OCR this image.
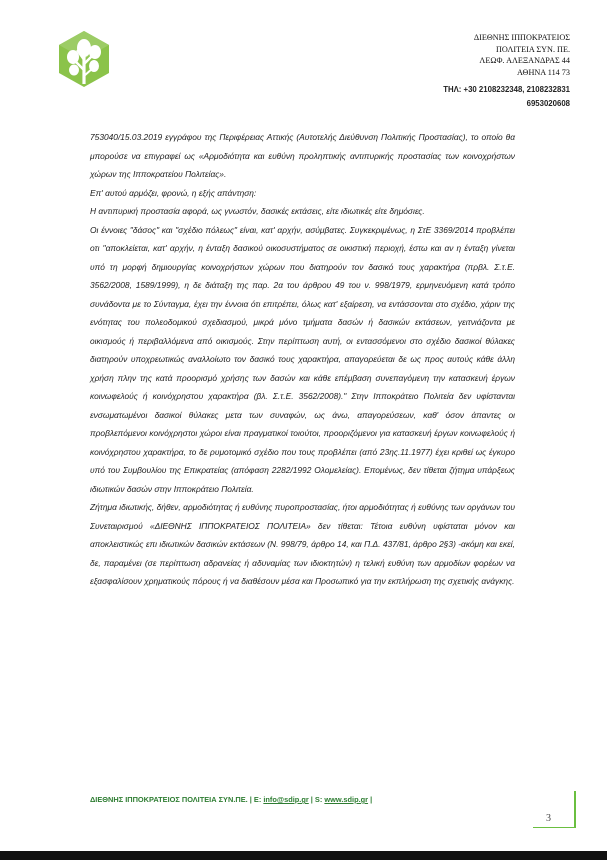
ΔΙΕΘΝΗΣ ΙΠΠΟΚΡΑΤΕΙΟΣ
ΠΟΛΙΤΕΙΑ ΣΥΝ. ΠΕ.
ΛΕΩΦ. ΑΛΕΞΑΝΔΡΑΣ 44
ΑΘΗΝΑ 114 73
ΤΗΛ: +30 2108232348, 2108232831
6953020608

753040/15.03.2019 εγγράφου της Περιφέρειας Αττικής (Αυτοτελής Διεύθυνση Πολιτικής Προστασίας), το οποίο θα μπορούσε να επιγραφεί ως «Αρμοδιότητα και ευθύνη προληπτικής αντιπυρικής προστασίας των κοινοχρήστων χώρων της Ιπποκρατείου Πολιτείας».

Επ' αυτού αρμόζει, φρονώ, η εξής απάντηση:

Η αντιπυρική προστασία αφορά, ως γνωστόν, δασικές εκτάσεις, είτε ιδιωτικές είτε δημόσιες.

Οι έννοιες "δάσος" και "σχέδιο πόλεως" είναι, κατ' αρχήν, ασύμβατες. Συγκεκριμένως, η ΣτΕ 3369/2014 προβλέπει οτι "αποκλείεται, κατ' αρχήν, η ένταξη δασικού οικοσυστήματος σε οικιστική περιοχή, έστω και αν η ένταξη γίνεται υπό τη μορφή δημιουργίας κοινοχρήστων χώρων που διατηρούν τον δασικό τους χαρακτήρα (πρβλ. Σ.τ.Ε. 3562/2008, 1589/1999), η δε διάταξη της παρ. 2α του άρθρου 49 του ν. 998/1979, ερμηνευόμενη κατά τρόπο συνάδοντα με το Σύνταγμα, έχει την έννοια ότι επιτρέπει, όλως κατ' εξαίρεση, να εντάσσονται στο σχέδιο, χάριν της ενότητας του πολεοδομικού σχεδιασμού, μικρά μόνο τμήματα δασών ή δασικών εκτάσεων, γειτνιάζοντα με οικισμούς ή περιβαλλόμενα από οικισμούς. Στην περίπτωση αυτή, οι εντασσόμενοι στο σχέδιο δασικοί θύλακες διατηρούν υποχρεωτικώς αναλλοίωτο τον δασικό τους χαρακτήρα, απαγορεύεται δε ως προς αυτούς κάθε άλλη χρήση πλην της κατά προορισμό χρήσης των δασών και κάθε επέμβαση συνεπαγόμενη την κατασκευή έργων κοινωφελούς ή κοινόχρηστου χαρακτήρα (βλ. Σ.τ.Ε. 3562/2008)." Στην Ιπποκράτειο Πολιτεία δεν υφίστανται ενσωματωμένοι δασικοί θύλακες μετα των συναφών, ως άνω, απαγορεύσεων, καθ' όσον άπαντες οι προβλεπόμενοι κοινόχρηστοι χώροι είναι πραγματικοί τοιούτοι, προοριζόμενοι για κατασκευή έργων κοινωφελούς ή κοινόχρηστου χαρακτήρα, το δε ρυμοτομικό σχέδιο που τους προβλέπει (από 23ης.11.1977) έχει κριθεί ως έγκυρο υπό του Συμβουλίου της Επικρατείας (απόφαση 2282/1992 Ολομελείας). Επομένως, δεν τίθεται ζήτημα υπάρξεως ιδιωτικών δασών στην Ιπποκράτειο Πολιτεία.

Ζήτημα ιδιωτικής, δήθεν, αρμοδιότητας ή ευθύνης πυροπροστασίας, ήτοι αρμοδιότητας ή ευθύνης των οργάνων του Συνεταιρισμού «ΔΙΕΘΝΗΣ ΙΠΠΟΚΡΑΤΕΙΟΣ ΠΟΛΙΤΕΙΑ» δεν τίθεται: Τέτοια ευθύνη υφίσταται μόνον και αποκλειστικώς επι ιδιωτικών δασικών εκτάσεων (Ν. 998/79, άρθρο 14, και Π.Δ. 437/81, άρθρο 2§3) -ακόμη και εκεί, δε, παραμένει (σε περίπτωση αδρανείας ή αδυναμίας των ιδιοκτητών) η τελική ευθύνη των αρμοδίων φορέων να εξασφαλίσουν χρηματικούς πόρους ή να διαθέσουν μέσα και Προσωπικό για την εκπλήρωση της σχετικής ανάγκης.

ΔΙΕΘΝΗΣ ΙΠΠΟΚΡΑΤΕΙΟΣ ΠΟΛΙΤΕΙΑ ΣΥΝ.ΠΕ. | E: info@sdip.gr | S: www.sdip.gr |
3
